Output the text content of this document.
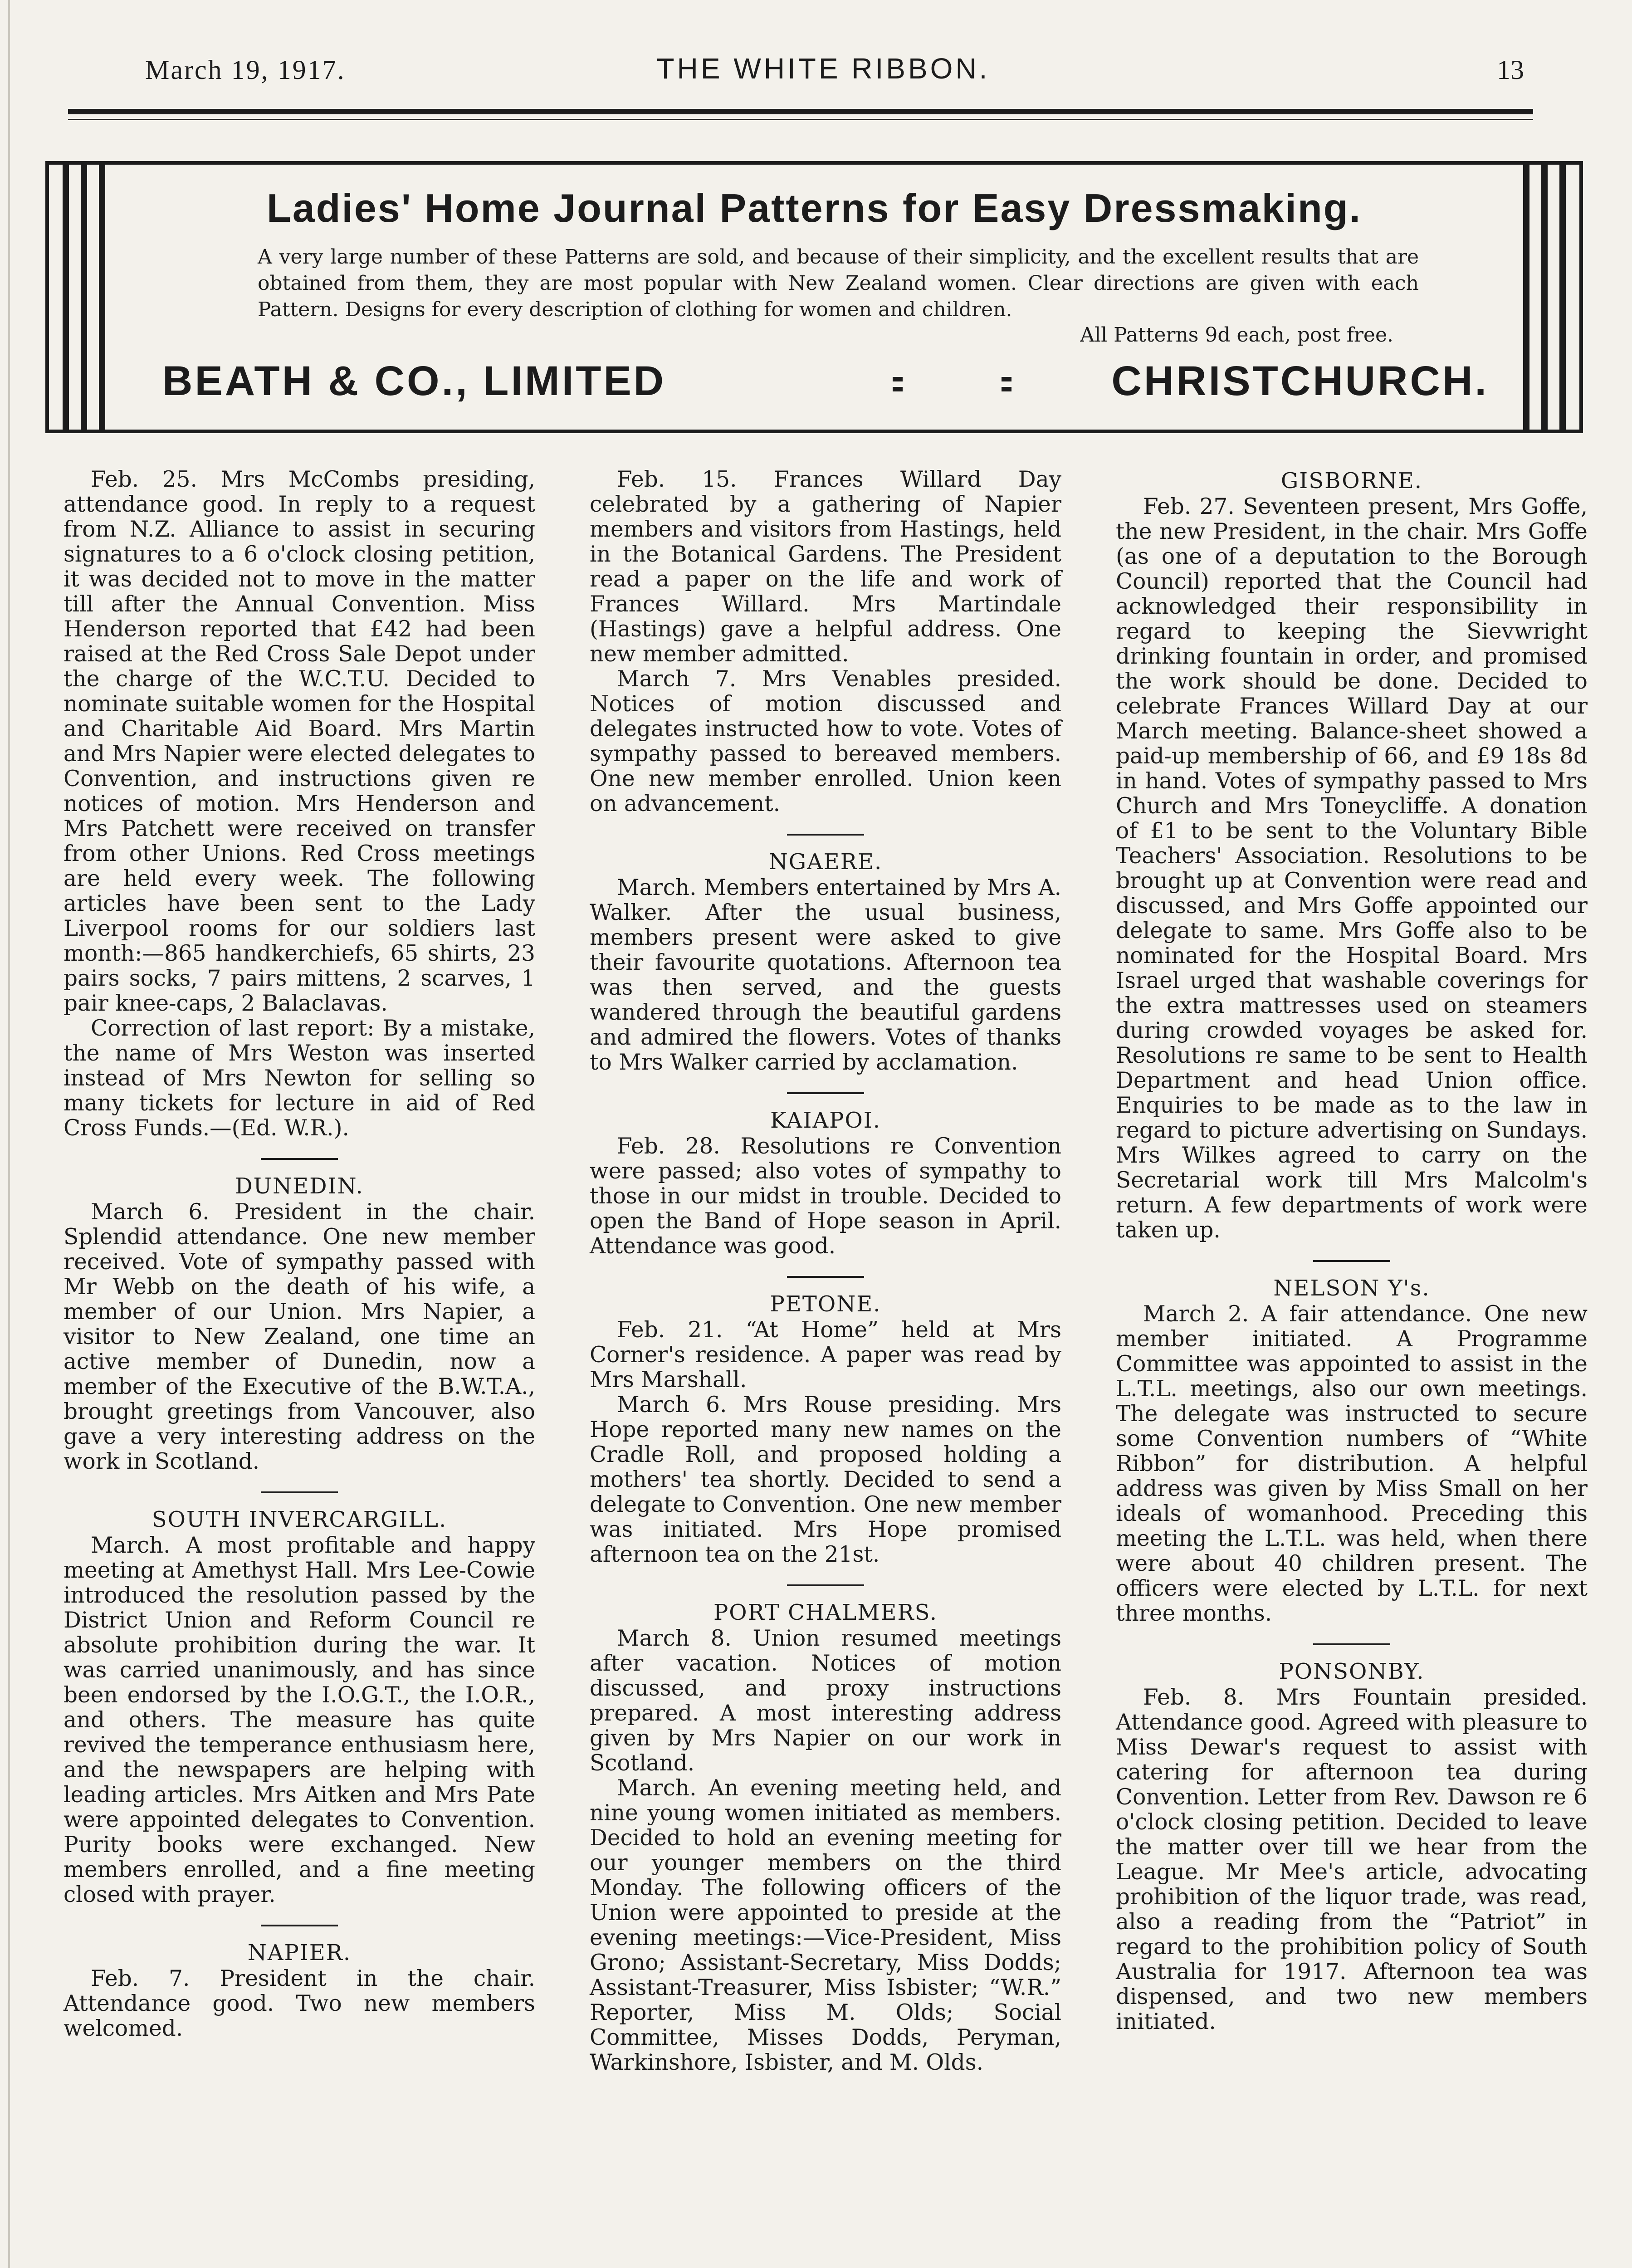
March 19, 1917.	THE WHITE RIBBON.	13
Ladies' Home Journal Patterns for Easy Dressmaking.
A very large number of these Patterns are sold, and because of their simplicity, and the excellent results that are obtained from them, they are most popular with New Zealand women. Clear directions are given with each Pattern. Designs for every description of clothing for women and children.
All Patterns 9d each, post free.
BEATH & CO., LIMITED	CHRISTCHURCH.

Feb. 25. Mrs McCombs presiding, attendance good. In reply to a request from N.Z. Alliance to assist in securing signatures to a 6 o'clock closing petition, it was decided not to move in the matter till after the Annual Convention. Miss Henderson reported that £42 had been raised at the Red Cross Sale Depot under the charge of the W.C.T.U. Decided to nominate suitable women for the Hospital and Charitable Aid Board. Mrs Martin and Mrs Napier were elected delegates to Convention, and instructions given re notices of motion. Mrs Henderson and Mrs Patchett were received on transfer from other Unions. Red Cross meetings are held every week. The following articles have been sent to the Lady Liverpool rooms for our soldiers last month:—865 handkerchiefs, 65 shirts, 23 pairs socks, 7 pairs mittens, 2 scarves, 1 pair knee-caps, 2 Balaclavas.

Correction of last report: By a mistake, the name of Mrs Weston was inserted instead of Mrs Newton for selling so many tickets for lecture in aid of Red Cross Funds.—(Ed. W.R.).

DUNEDIN.

March 6. President in the chair. Splendid attendance. One new member received. Vote of sympathy passed with Mr Webb on the death of his wife, a member of our Union. Mrs Napier, a visitor to New Zealand, one time an active member of Dunedin, now a member of the Executive of the B.W.T.A., brought greetings from Vancouver, also gave a very interesting address on the work in Scotland.

SOUTH INVERCARGILL.

March. A most profitable and happy meeting at Amethyst Hall. Mrs Lee-Cowie introduced the resolution passed by the District Union and Reform Council re absolute prohibition during the war. It was carried unanimously, and has since been endorsed by the I.O.G.T., the I.O.R., and others. The measure has quite revived the temperance enthusiasm here, and the newspapers are helping with leading articles. Mrs Aitken and Mrs Pate were appointed delegates to Convention. Purity books were exchanged. New members enrolled, and a fine meeting closed with prayer.

NAPIER.

Feb. 7. President in the chair. Attendance good. Two new members welcomed.

Feb. 15. Frances Willard Day celebrated by a gathering of Napier members and visitors from Hastings, held in the Botanical Gardens. The President read a paper on the life and work of Frances Willard. Mrs Martindale (Hastings) gave a helpful address. One new member admitted.

March 7. Mrs Venables presided. Notices of motion discussed and delegates instructed how to vote. Votes of sympathy passed to bereaved members. One new member enrolled. Union keen on advancement.

NGAERE.

March. Members entertained by Mrs A. Walker. After the usual business, members present were asked to give their favourite quotations. Afternoon tea was then served, and the guests wandered through the beautiful gardens and admired the flowers. Votes of thanks to Mrs Walker carried by acclamation.

KAIAPOI.

Feb. 28. Resolutions re Convention were passed; also votes of sympathy to those in our midst in trouble. Decided to open the Band of Hope season in April. Attendance was good.

PETONE.

Feb. 21. “At Home” held at Mrs Corner's residence. A paper was read by Mrs Marshall.

March 6. Mrs Rouse presiding. Mrs Hope reported many new names on the Cradle Roll, and proposed holding a mothers' tea shortly. Decided to send a delegate to Convention. One new member was initiated. Mrs Hope promised afternoon tea on the 21st.

PORT CHALMERS.

March 8. Union resumed meetings after vacation. Notices of motion discussed, and proxy instructions prepared. A most interesting address given by Mrs Napier on our work in Scotland.

March. An evening meeting held, and nine young women initiated as members. Decided to hold an evening meeting for our younger members on the third Monday. The following officers of the Union were appointed to preside at the evening meetings:—Vice-President, Miss Grono; Assistant-Secretary, Miss Dodds; Assistant-Treasurer, Miss Isbister; “W.R.” Reporter, Miss M. Olds; Social Committee, Misses Dodds, Peryman, Warkinshore, Isbister, and M. Olds.

GISBORNE.

Feb. 27. Seventeen present, Mrs Goffe, the new President, in the chair. Mrs Goffe (as one of a deputation to the Borough Council) reported that the Council had acknowledged their responsibility in regard to keeping the Sievwright drinking fountain in order, and promised the work should be done. Decided to celebrate Frances Willard Day at our March meeting. Balance-sheet showed a paid-up membership of 66, and £9 18s 8d in hand. Votes of sympathy passed to Mrs Church and Mrs Toneycliffe. A donation of £1 to be sent to the Voluntary Bible Teachers' Association. Resolutions to be brought up at Convention were read and discussed, and Mrs Goffe appointed our delegate to same. Mrs Goffe also to be nominated for the Hospital Board. Mrs Israel urged that washable coverings for the extra mattresses used on steamers during crowded voyages be asked for. Resolutions re same to be sent to Health Department and head Union office. Enquiries to be made as to the law in regard to picture advertising on Sundays. Mrs Wilkes agreed to carry on the Secretarial work till Mrs Malcolm's return. A few departments of work were taken up.

NELSON Y's.

March 2. A fair attendance. One new member initiated. A Programme Committee was appointed to assist in the L.T.L. meetings, also our own meetings. The delegate was instructed to secure some Convention numbers of “White Ribbon” for distribution. A helpful address was given by Miss Small on her ideals of womanhood. Preceding this meeting the L.T.L. was held, when there were about 40 children present. The officers were elected by L.T.L. for next three months.

PONSONBY.

Feb. 8. Mrs Fountain presided. Attendance good. Agreed with pleasure to Miss Dewar's request to assist with catering for afternoon tea during Convention. Letter from Rev. Dawson re 6 o'clock closing petition. Decided to leave the matter over till we hear from the League. Mr Mee's article, advocating prohibition of the liquor trade, was read, also a reading from the “Patriot” in regard to the prohibition policy of South Australia for 1917. Afternoon tea was dispensed, and two new members initiated.
